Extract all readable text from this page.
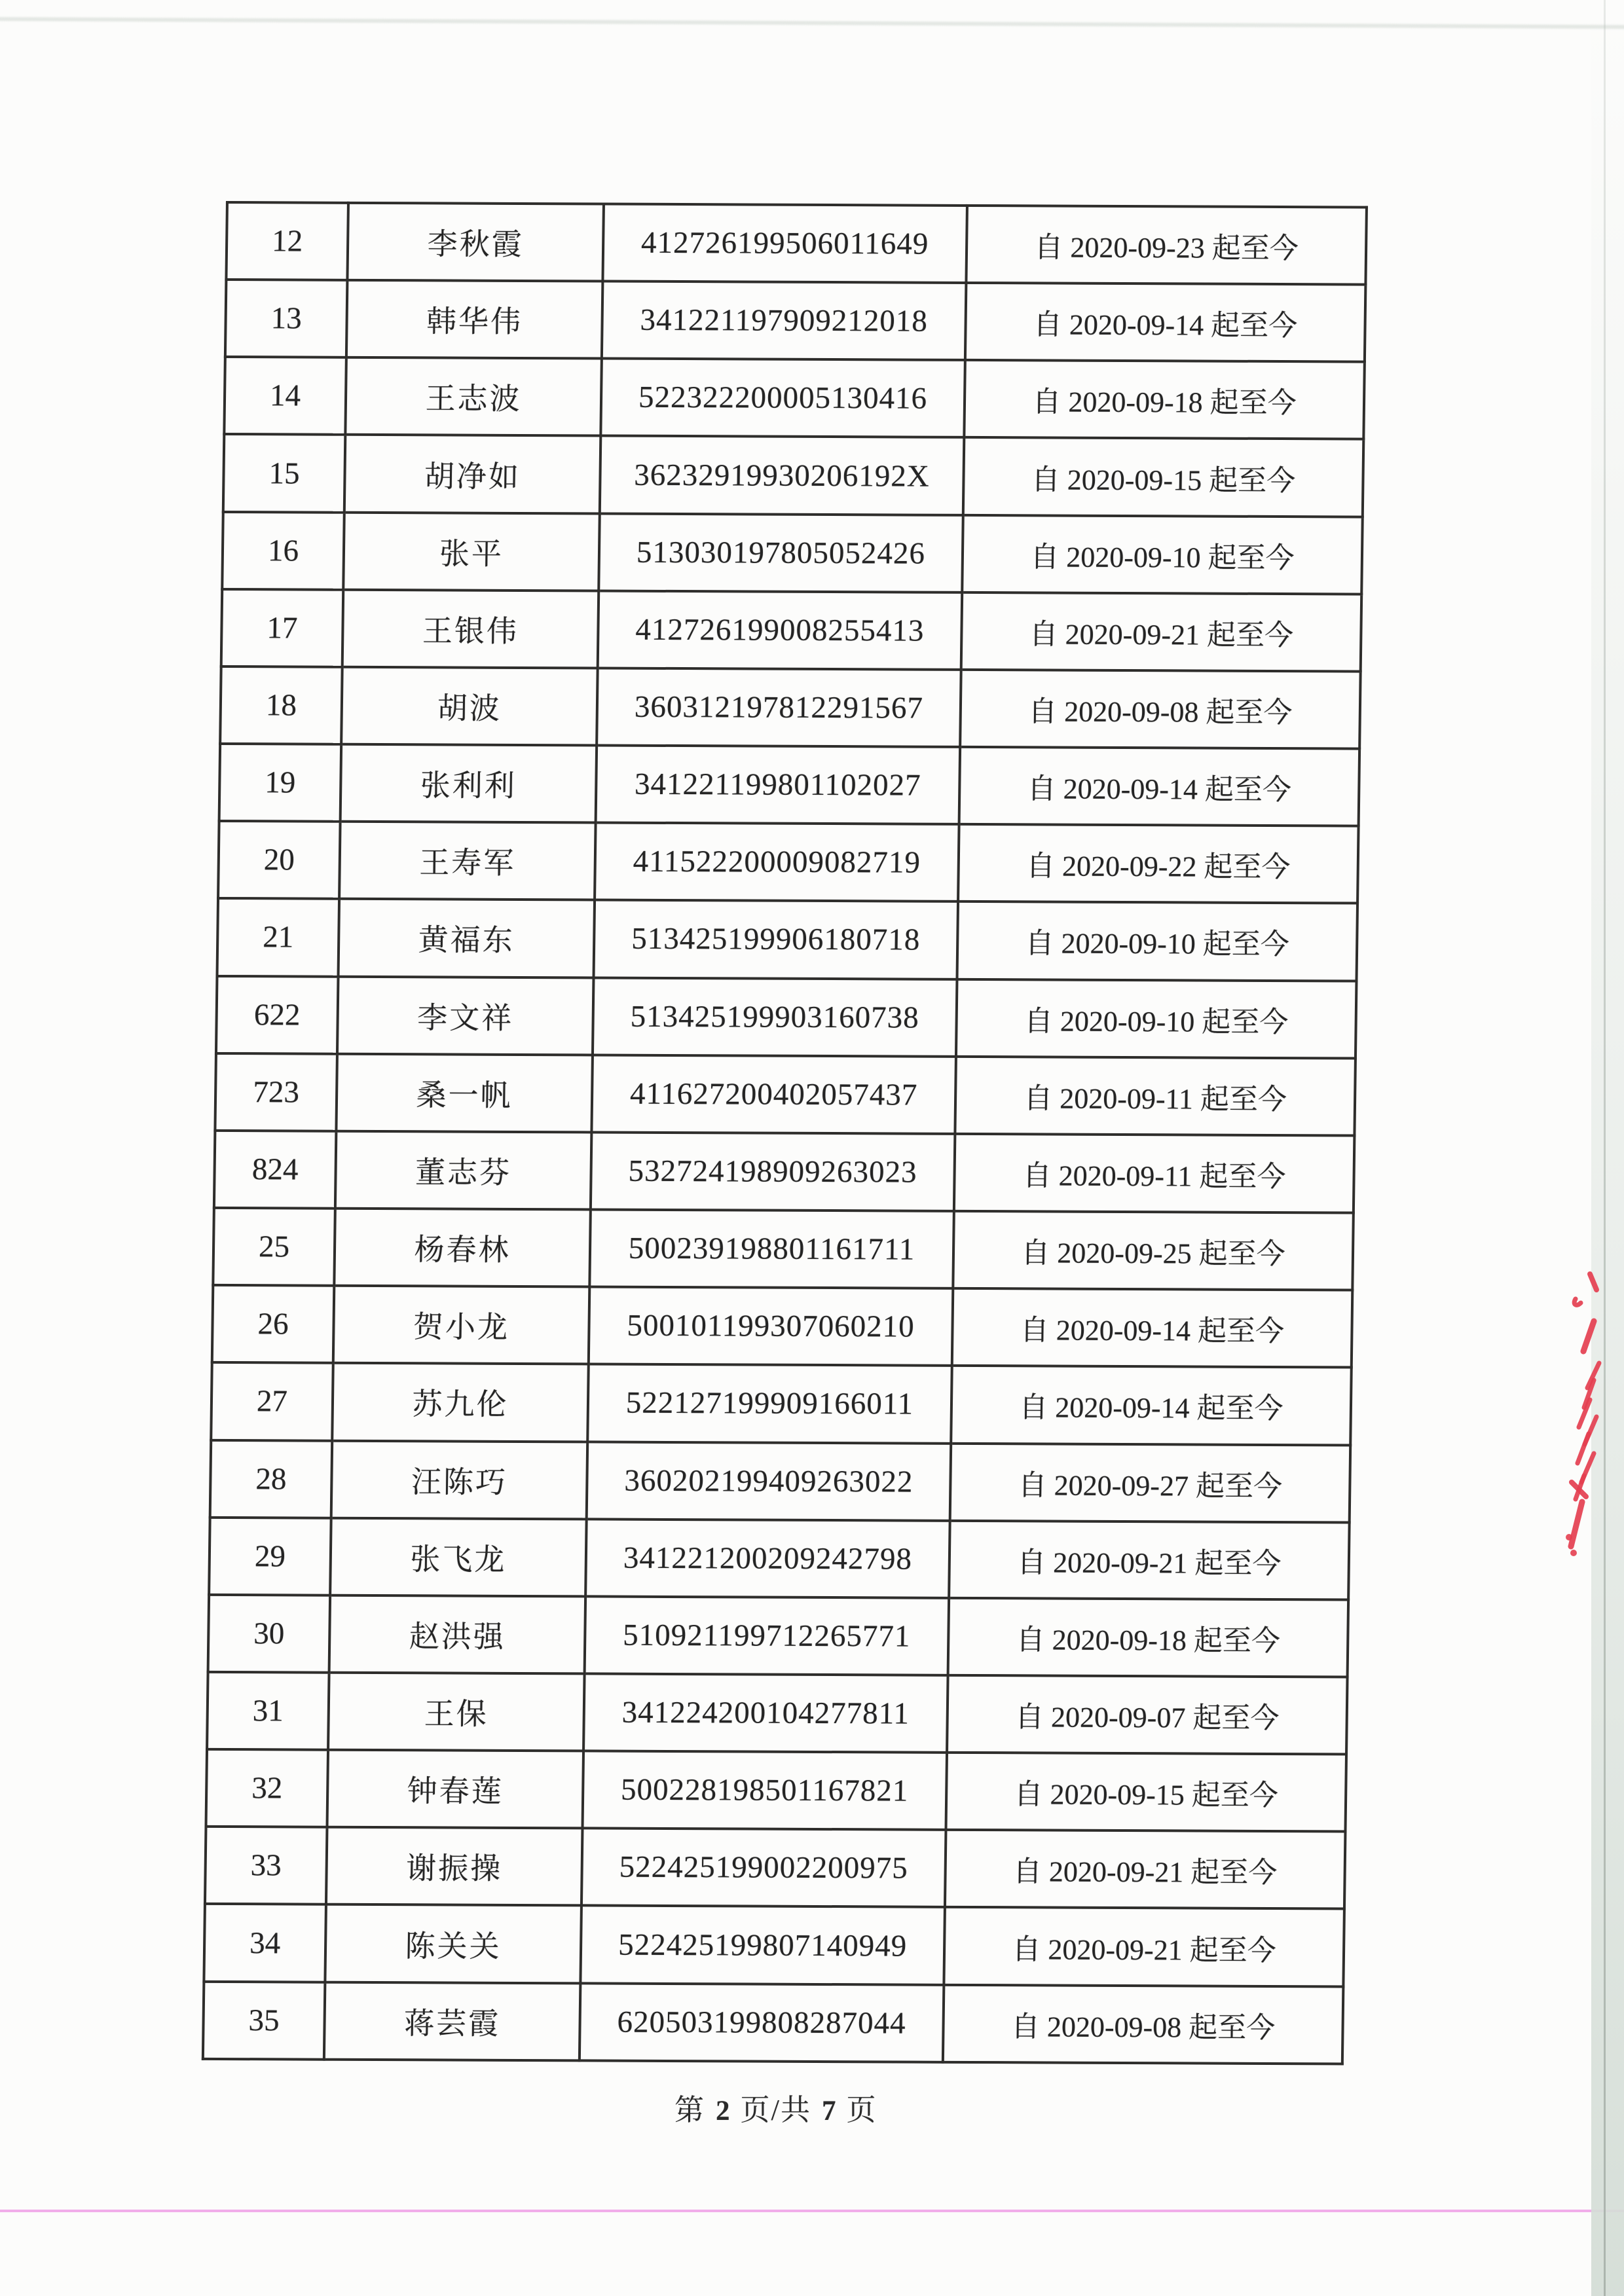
12	李秋霞	412726199506011649	自 2020-09-23 起至今
13	韩华伟	341221197909212018	自 2020-09-14 起至今
14	王志波	522322200005130416	自 2020-09-18 起至今
15	胡净如	36232919930206192X	自 2020-09-15 起至今
16	张平	513030197805052426	自 2020-09-10 起至今
17	王银伟	412726199008255413	自 2020-09-21 起至今
18	胡波	360312197812291567	自 2020-09-08 起至今
19	张利利	341221199801102027	自 2020-09-14 起至今
20	王寿军	411522200009082719	自 2020-09-22 起至今
21	黄福东	513425199906180718	自 2020-09-10 起至今
622	李文祥	513425199903160738	自 2020-09-10 起至今
723	桑一帆	411627200402057437	自 2020-09-11 起至今
824	董志芬	532724198909263023	自 2020-09-11 起至今
25	杨春林	500239198801161711	自 2020-09-25 起至今
26	贺小龙	500101199307060210	自 2020-09-14 起至今
27	苏九伦	522127199909166011	自 2020-09-14 起至今
28	汪陈巧	360202199409263022	自 2020-09-27 起至今
29	张飞龙	341221200209242798	自 2020-09-21 起至今
30	赵洪强	510921199712265771	自 2020-09-18 起至今
31	王保	341224200104277811	自 2020-09-07 起至今
32	钟春莲	500228198501167821	自 2020-09-15 起至今
33	谢振操	522425199002200975	自 2020-09-21 起至今
34	陈关关	522425199807140949	自 2020-09-21 起至今
35	蒋芸霞	620503199808287044	自 2020-09-08 起至今
第 2 页/共 7 页
